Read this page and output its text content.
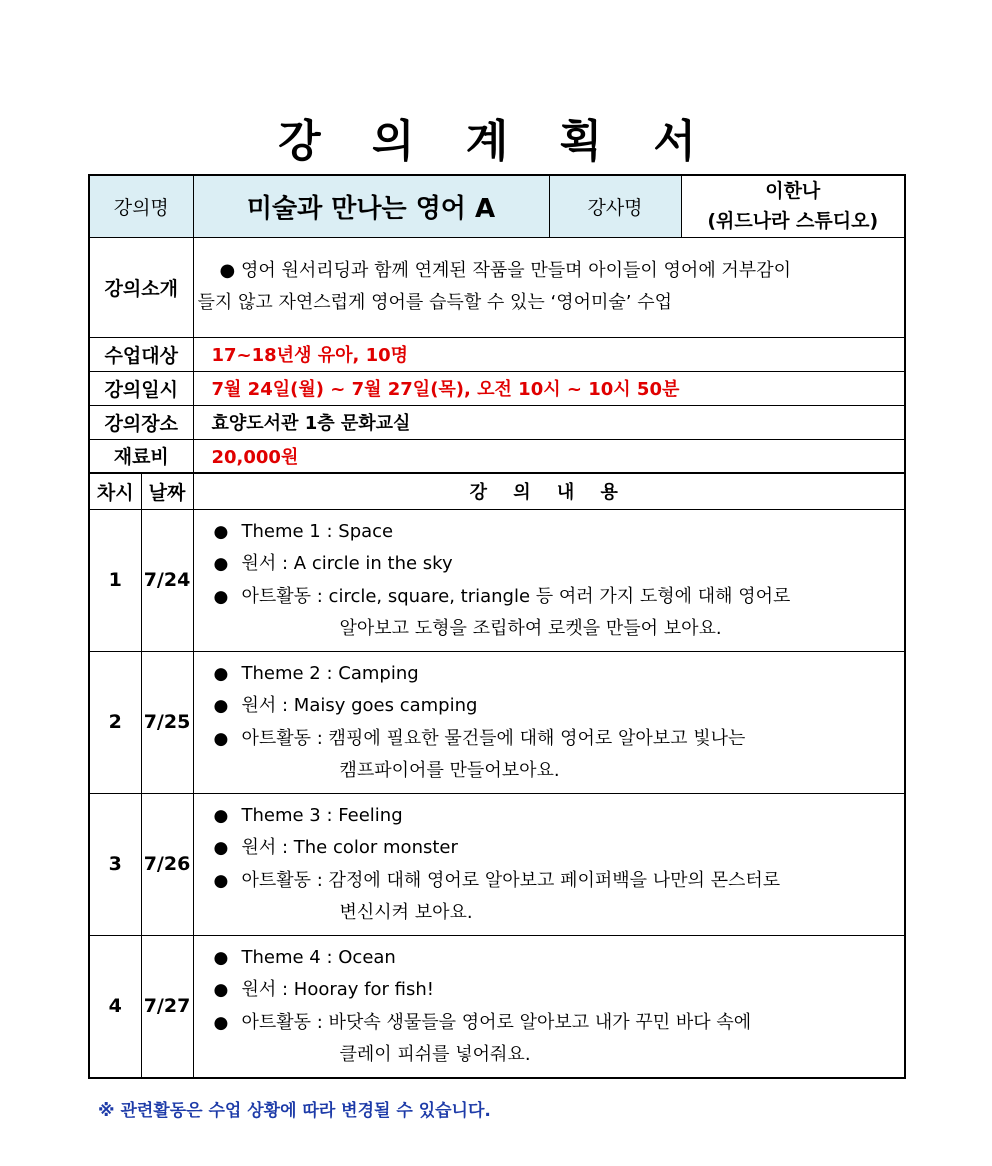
강 의 계 획 서
강의명		미술과 만나는 영어 A	강사명	이한나
(위드나라 스튜디오)

강의소개		● 영어 원서리딩과 함께 연계된 작품을 만들며 아이들이 영어에 거부감이
들지 않고 자연스럽게 영어를 습득할 수 있는 ‘영어미술’ 수업		

수업대상		17~18년생 유아, 10명		
강의일시		7월 24일(월) ~ 7월 27일(목), 오전 10시 ~ 10시 50분		
강의장소		효양도서관 1층 문화교실		
재료비		20,000원		
차시	날짜	강 의 내 용		
1	7/24	● Theme 1 : Space
● 원서 : A circle in the sky
● 아트활동 : circle, square, triangle 등 여러 가지 도형에 대해 영어로
알아보고 도형을 조립하여 로켓을 만들어 보아요.		

2	7/25	● Theme 2 : Camping
● 원서 : Maisy goes camping
● 아트활동 : 캠핑에 필요한 물건들에 대해 영어로 알아보고 빛나는
캠프파이어를 만들어보아요.		

3	7/26	● Theme 3 : Feeling
● 원서 : The color monster
● 아트활동 : 감정에 대해 영어로 알아보고 페이퍼백을 나만의 몬스터로
변신시켜 보아요.		

4	7/27	● Theme 4 : Ocean
● 원서 : Hooray for fish!
● 아트활동 : 바닷속 생물들을 영어로 알아보고 내가 꾸민 바다 속에
클레이 피쉬를 넣어줘요.		
※ 관련활동은 수업 상황에 따라 변경될 수 있습니다.
